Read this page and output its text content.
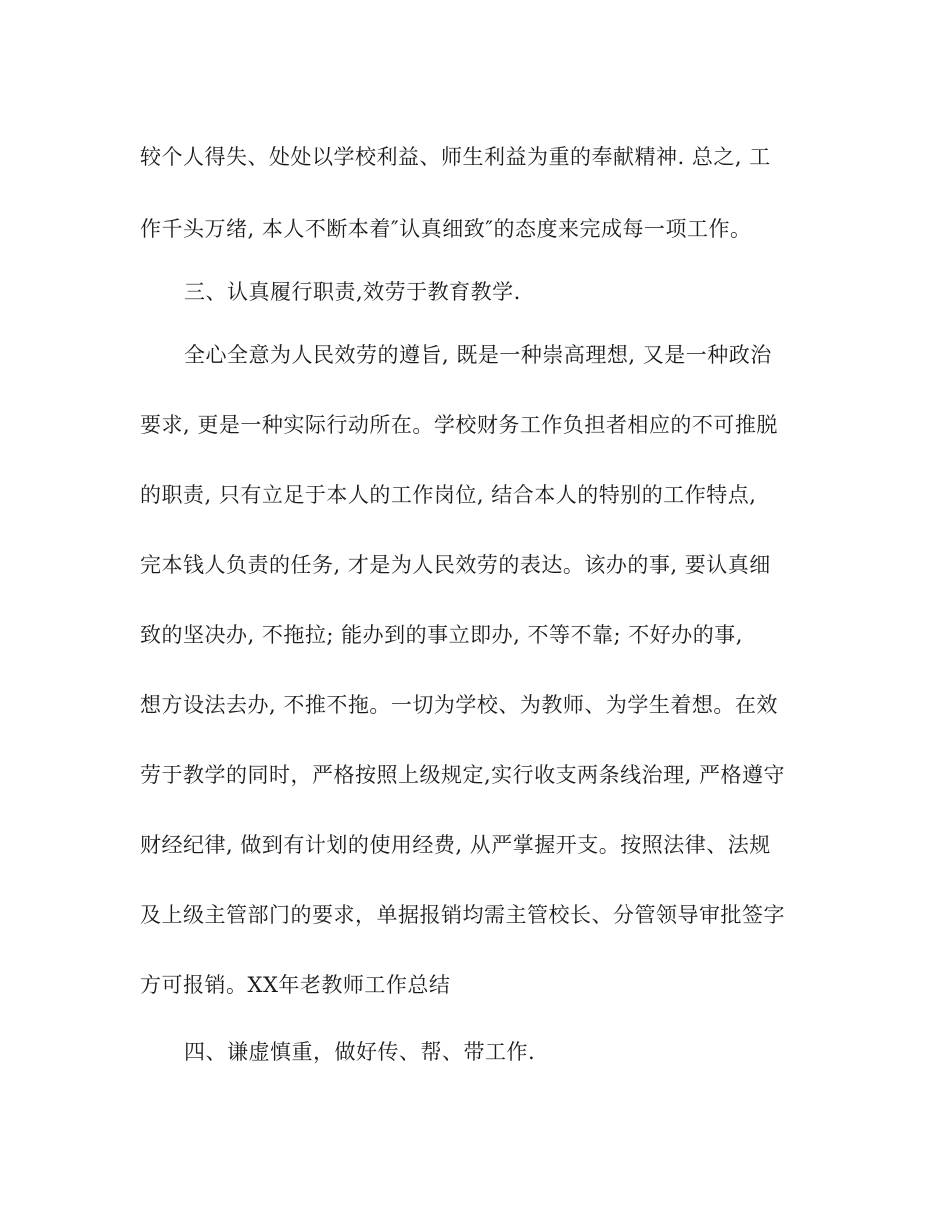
较个人得失、处处以学校利益、师生利益为重的奉献精神. 总之, 工
作千头万绪, 本人不断本着″认真细致″的态度来完成每一项工作。
三、认真履行职责,效劳于教育教学.
全心全意为人民效劳的遵旨, 既是一种崇高理想, 又是一种政治
要求, 更是一种实际行动所在。学校财务工作负担者相应的不可推脱
的职责, 只有立足于本人的工作岗位, 结合本人的特别的工作特点,
完本钱人负责的任务, 才是为人民效劳的表达。该办的事, 要认真细
致的坚决办, 不拖拉; 能办到的事立即办, 不等不靠; 不好办的事,
想方设法去办, 不推不拖。一切为学校、为教师、为学生着想。在效
劳于教学的同时，严格按照上级规定,实行收支两条线治理, 严格遵守
财经纪律, 做到有计划的使用经费, 从严掌握开支。按照法律、法规
及上级主管部门的要求，单据报销均需主管校长、分管领导审批签字
方可报销。XX年老教师工作总结
四、谦虚慎重，做好传、帮、带工作.
